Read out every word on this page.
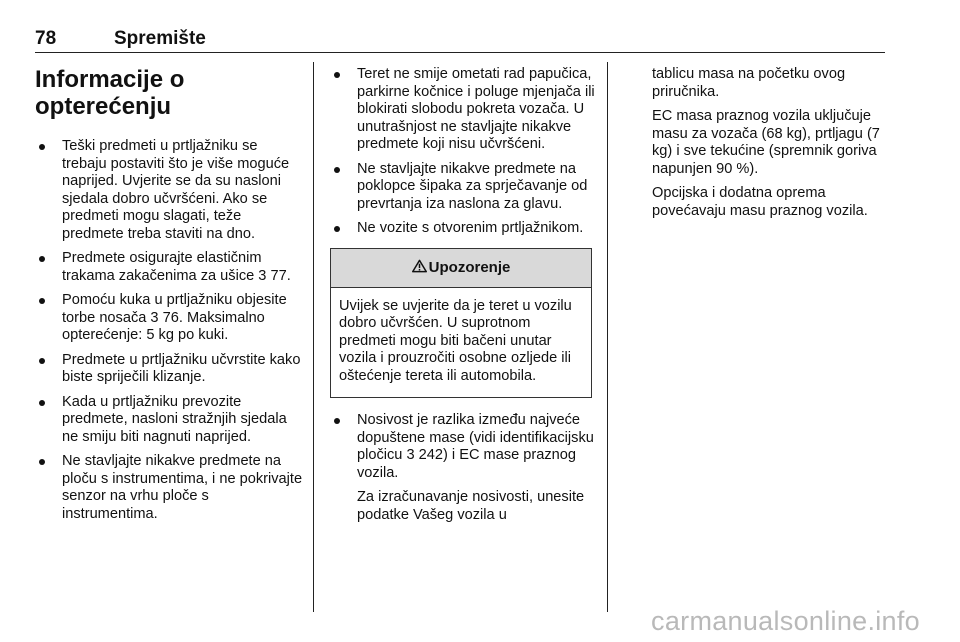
78	Spremište
Informacije o
opterećenju
Teški predmeti u prtljažniku se trebaju postaviti što je više moguće naprijed. Uvjerite se da su nasloni sjedala dobro učvršćeni. Ako se predmeti mogu slagati, teže predmete treba staviti na dno.
Predmete osigurajte elastičnim trakama zakačenima za ušice 3 77.
Pomoću kuka u prtljažniku objesite torbe nosača 3 76. Maksimalno opterećenje: 5 kg po kuki.
Predmete u prtljažniku učvrstite kako biste spriječili klizanje.
Kada u prtljažniku prevozite predmete, nasloni stražnjih sjedala ne smiju biti nagnuti naprijed.
Ne stavljajte nikakve predmete na ploču s instrumentima, i ne pokrivajte senzor na vrhu ploče s instrumentima.
Teret ne smije ometati rad papučica, parkirne kočnice i poluge mjenjača ili blokirati slobodu pokreta vozača. U unutrašnjost ne stavljajte nikakve predmete koji nisu učvršćeni.
Ne stavljajte nikakve predmete na poklopce šipaka za sprječavanje od prevrtanja iza naslona za glavu.
Ne vozite s otvorenim prtljažnikom.
Upozorenje
Uvijek se uvjerite da je teret u vozilu dobro učvršćen. U suprotnom predmeti mogu biti bačeni unutar vozila i prouzročiti osobne ozljede ili oštećenje tereta ili automobila.
Nosivost je razlika između najveće dopuštene mase (vidi identifikacijsku pločicu 3 242) i EC mase praznog vozila.
Za izračunavanje nosivosti, unesite podatke Vašeg vozila u

tablicu masa na početku ovog priručnika.

EC masa praznog vozila uključuje masu za vozača (68 kg), prtljagu (7 kg) i sve tekućine (spremnik goriva napunjen 90 %).

Opcijska i dodatna oprema povećavaju masu praznog vozila.

carmanualsonline.info
